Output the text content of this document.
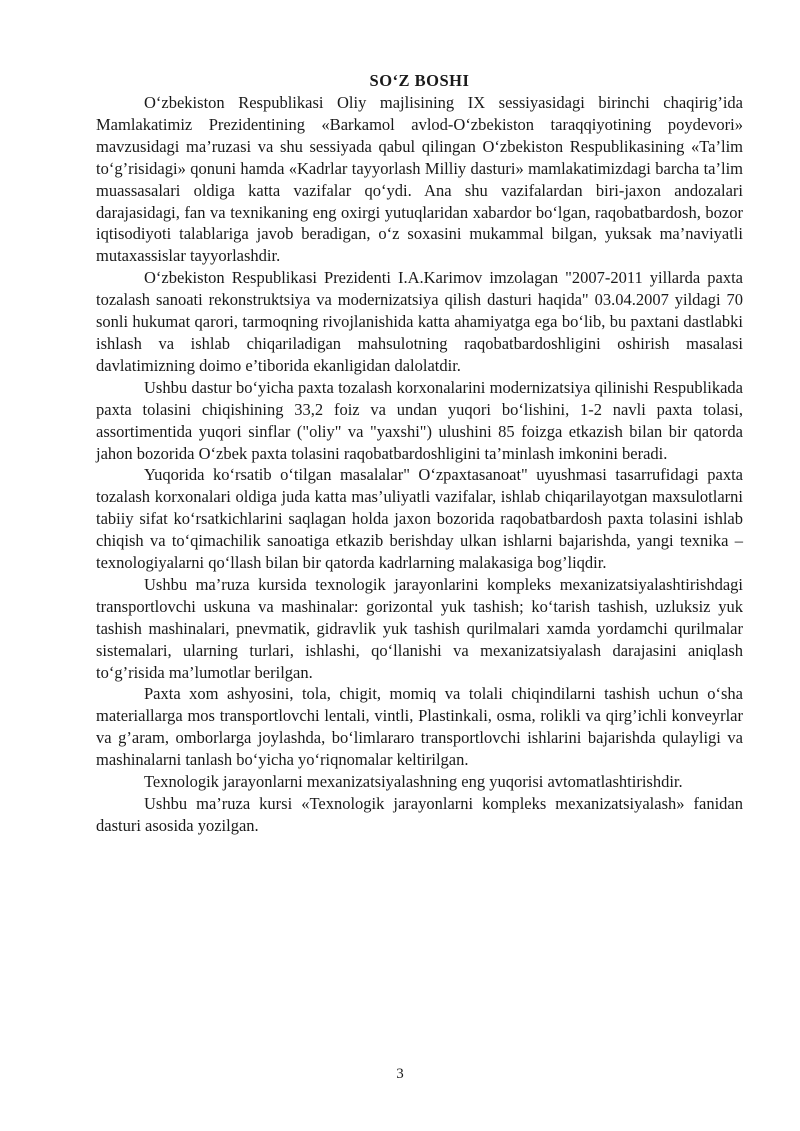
SO‘Z BOSHI

O‘zbekiston Respublikasi Oliy majlisining IX sessiyasidagi birinchi chaqirig’ida Mamlakatimiz Prezidentining «Barkamol avlod-O‘zbekiston taraqqiyotining poydevori» mavzusidagi ma’ruzasi va shu sessiyada qabul qilingan O‘zbekiston Respublikasining «Ta’lim to‘g’risidagi» qonuni hamda «Kadrlar tayyorlash Milliy dasturi» mamlakatimizdagi barcha ta’lim muassasalari oldiga katta vazifalar qo‘ydi. Ana shu vazifalardan biri-jaxon andozalari darajasidagi, fan va texnikaning eng oxirgi yutuqlaridan xabardor bo‘lgan, raqobatbardosh, bozor iqtisodiyoti talablariga javob beradigan, o‘z soxasini mukammal bilgan, yuksak ma’naviyatli mutaxassislar tayyorlashdir.

O‘zbekiston Respublikasi Prezidenti I.A.Karimov imzolagan "2007-2011 yillarda paxta tozalash sanoati rekonstruktsiya va modernizatsiya qilish dasturi haqida" 03.04.2007 yildagi 70 sonli hukumat qarori, tarmoqning rivojlanishida katta ahamiyatga ega bo‘lib, bu paxtani dastlabki ishlash va ishlab chiqariladigan mahsulotning raqobatbardoshligini oshirish masalasi davlatimizning doimo e’tiborida ekanligidan dalolatdir.

Ushbu dastur bo‘yicha paxta tozalash korxonalarini modernizatsiya qilinishi Respublikada paxta tolasini chiqishining 33,2 foiz va undan yuqori bo‘lishini, 1-2 navli paxta tolasi, assortimentida yuqori sinflar ("oliy" va "yaxshi") ulushini 85 foizga etkazish bilan bir qatorda jahon bozorida O‘zbek paxta tolasini raqobatbardoshligini ta’minlash imkonini beradi.

Yuqorida ko‘rsatib o‘tilgan masalalar" O‘zpaxtasanoat" uyushmasi tasarrufidagi paxta tozalash korxonalari oldiga juda katta mas’uliyatli vazifalar, ishlab chiqarilayotgan maxsulotlarni tabiiy sifat ko‘rsatkichlarini saqlagan holda jaxon bozorida raqobatbardosh paxta tolasini ishlab chiqish va to‘qimachilik sanoatiga etkazib berishday ulkan ishlarni bajarishda, yangi texnika – texnologiyalarni qo‘llash bilan bir qatorda kadrlarning malakasiga bog’liqdir.

Ushbu ma’ruza kursida texnologik jarayonlarini kompleks mexanizatsiyalashtirishdagi transportlovchi uskuna va mashinalar: gorizontal yuk tashish; ko‘tarish tashish, uzluksiz yuk tashish mashinalari, pnevmatik, gidravlik yuk tashish qurilmalari xamda yordamchi qurilmalar sistemalari, ularning turlari, ishlashi, qo‘llanishi va mexanizatsiyalash darajasini aniqlash to‘g’risida ma’lumotlar berilgan.

Paxta xom ashyosini, tola, chigit, momiq va tolali chiqindilarni tashish uchun o‘sha materiallarga mos transportlovchi lentali, vintli, Plastinkali, osma, rolikli va qirg’ichli konveyrlar va g’aram, omborlarga joylashda, bo‘limlararo transportlovchi ishlarini bajarishda qulayligi va mashinalarni tanlash bo‘yicha yo‘riqnomalar keltirilgan.

Texnologik jarayonlarni mexanizatsiyalashning eng yuqorisi avtomatlashtirishdir.

Ushbu ma’ruza kursi «Texnologik jarayonlarni kompleks mexanizatsiyalash» fanidan dasturi asosida yozilgan.

3
